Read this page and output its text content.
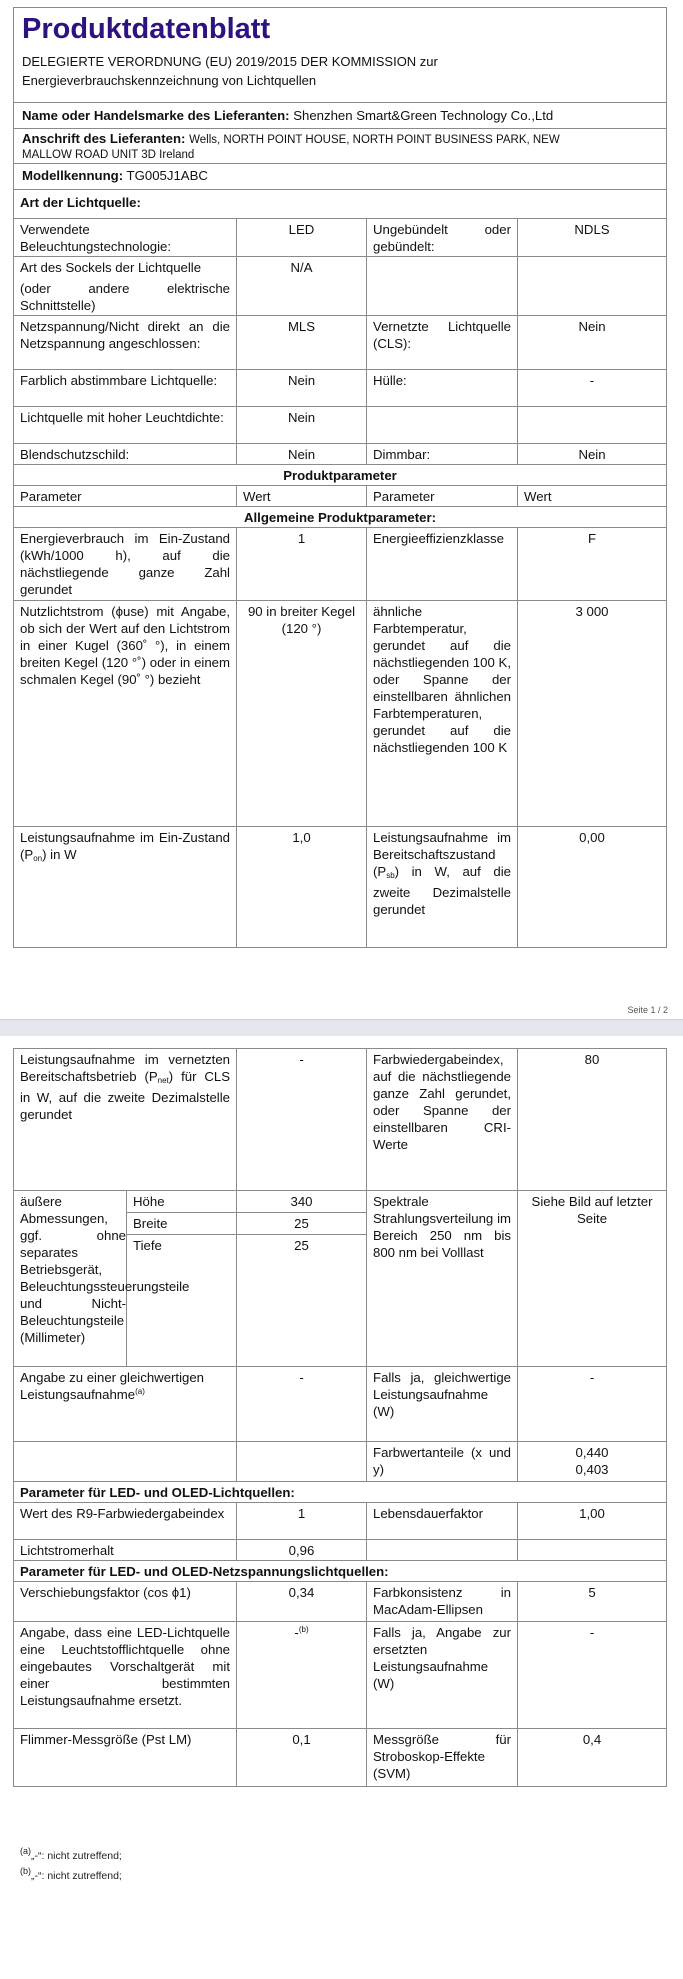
Produktdatenblatt
DELEGIERTE VERORDNUNG (EU) 2019/2015 DER KOMMISSION zur
Energieverbrauchskennzeichnung von Lichtquellen			

Name oder Handelsmarke des Lieferanten: Shenzhen Smart&Green Technology Co.,Ltd			
Anschrift des Lieferanten: Wells, NORTH POINT HOUSE, NORTH POINT BUSINESS PARK, NEW
MALLOW ROAD UNIT 3D Ireland			
Modellkennung: TG005J1ABC			
Art der Lichtquelle:			
Verwendete Beleuchtungstechnologie:	LED	Ungebündelt oder gebündelt:	NDLS

Art des Sockels der Lichtquelle
(oder andere elektrische Schnittstelle)	N/A		
Netzspannung/Nicht direkt an die Netzspannung angeschlossen:	MLS	Vernetzte Lichtquelle (CLS):	Nein
Farblich abstimmbare Lichtquelle:	Nein	Hülle:	-
Lichtquelle mit hoher Leuchtdichte:	Nein		
Blendschutzschild:	Nein	Dimmbar:	Nein
Produktparameter			
Parameter	Wert	Parameter	Wert
Allgemeine Produktparameter:			
Energieverbrauch im Ein-Zustand (kWh/1000 h), auf die nächstliegende ganze Zahl gerundet	1	Energieeffizienzklasse	F
Nutzlichtstrom (ϕuse) mit Angabe, ob sich der Wert auf den Lichtstrom in einer Kugel (360˚ °), in einem breiten Kegel (120 °˚) oder in einem schmalen Kegel (90˚ °) bezieht	90 in breiter Kegel (120 °)	ähnliche Farbtemperatur, gerundet auf die nächstliegenden 100 K, oder Spanne der einstellbaren ähnlichen Farbtemperaturen, gerundet auf die nächstliegenden 100 K	3 000
Leistungsaufnahme im Ein-Zustand $(P_{on})$ in W	1,0	Leistungsaufnahme im Bereitschaftszustand $(P_{sb})$ in W, auf die zweite Dezimalstelle gerundet	0,00
Seite 1 / 2
Leistungsaufnahme im vernetzten Bereitschaftsbetrieb $(P_{net})$ für CLS in W, auf die zweite Dezimalstelle gerundet		-	Farbwiedergabeindex, auf die nächstliegende ganze Zahl gerundet, oder Spanne der einstellbaren CRI-Werte	80
äußere Abmessungen, ggf. ohne separates Betriebsgerät, Beleuchtungssteuerungsteile und Nicht-Beleuchtungsteile (Millimeter)	Höhe	340	Spektrale Strahlungsverteilung im Bereich 250 nm bis 800 nm bei Volllast	Siehe Bild auf letzter Seite
	Breite	25		
	Tiefe	25		
Angabe zu einer gleichwertigen Leistungsaufnahme$^{(a)}$		-	Falls ja, gleichwertige Leistungsaufnahme (W)	-
			Farbwertanteile (x und y)	0,440
0,403

Parameter für LED- und OLED-Lichtquellen:				
Wert des R9-Farbwiedergabeindex		1	Lebensdauerfaktor	1,00
Lichtstromerhalt		0,96		
Parameter für LED- und OLED-Netzspannungslichtquellen:				
Verschiebungsfaktor (cos ϕ1)		0,34	Farbkonsistenz in MacAdam-Ellipsen	5
Angabe, dass eine LED-Lichtquelle eine Leuchtstofflichtquelle ohne eingebautes Vorschaltgerät mit einer bestimmten Leistungsaufnahme ersetzt.		-$^{(b)}$	Falls ja, Angabe zur ersetzten Leistungsaufnahme (W)	-
Flimmer-Messgröße (Pst LM)		0,1	Messgröße für Stroboskop-Effekte (SVM)	0,4
$^{(a)}$„-“: nicht zutreffend;
$^{(b)}$„-“: nicht zutreffend;
